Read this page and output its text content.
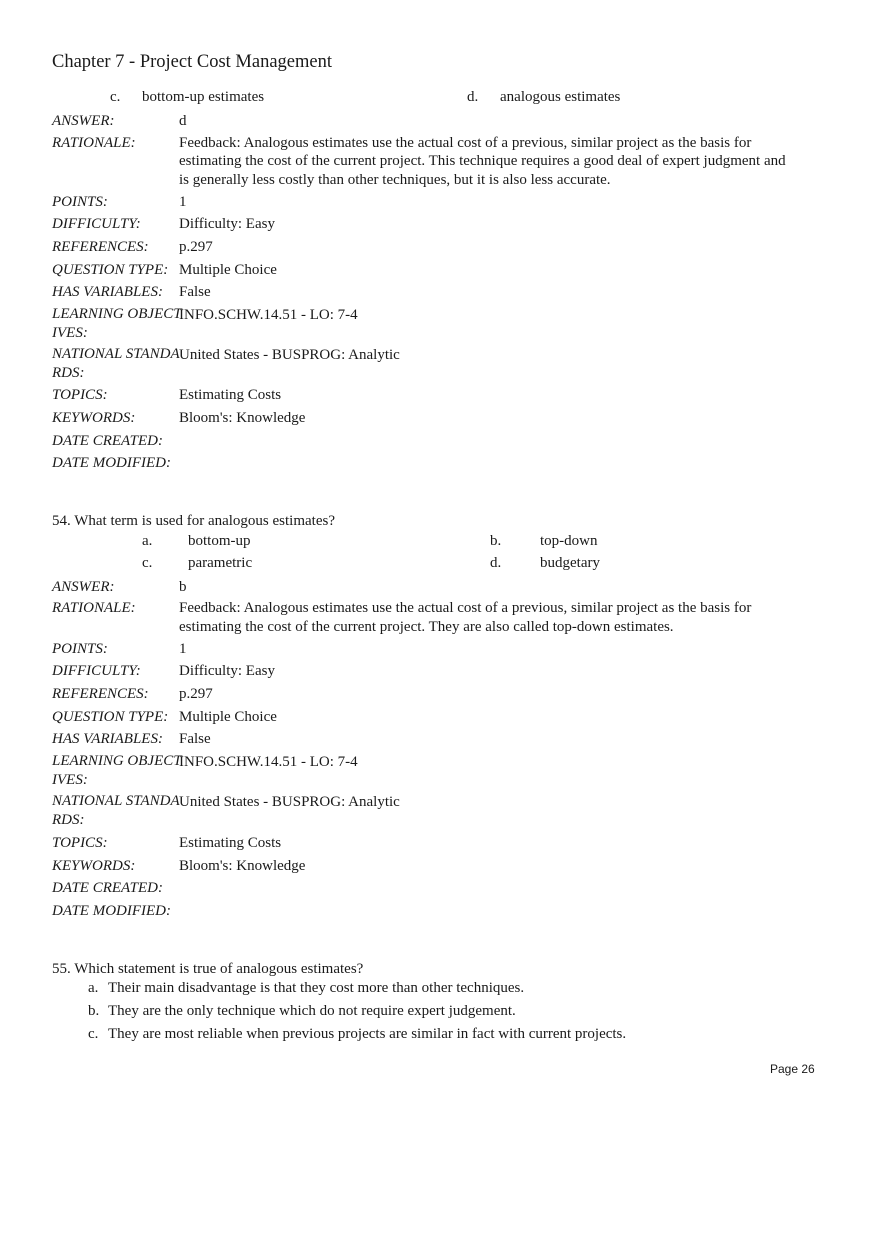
Chapter 7 - Project Cost Management
c. bottom-up estimates	d. analogous estimates
ANSWER:	d
RATIONALE:	Feedback: Analogous estimates use the actual cost of a previous, similar project as the basis for
estimating the cost of the current project. This technique requires a good deal of expert judgment and
is generally less costly than other techniques, but it is also less accurate.
POINTS:	1
DIFFICULTY:	Difficulty: Easy
REFERENCES: p.297
QUESTION TYPE: Multiple Choice
HAS VARIABLES: False
LEARNING OBJECTIVES:
INFO.SCHW.14.51 - LO: 7-4
NATIONAL STANDARDS:
United States - BUSPROG: Analytic
TOPICS:	Estimating Costs
KEYWORDS:	Bloom's: Knowledge
DATE CREATED:
DATE MODIFIED:
54. What term is used for analogous estimates?
a. bottom-up	b.	top-down
c. parametric	d.	budgetary
ANSWER:	b
RATIONALE:	Feedback: Analogous estimates use the actual cost of a previous, similar project as the basis for
estimating the cost of the current project. They are also called top-down estimates.
POINTS:	1
DIFFICULTY:	Difficulty: Easy
REFERENCES: p.297
QUESTION TYPE: Multiple Choice
HAS VARIABLES: False
LEARNING OBJECTIVES:
INFO.SCHW.14.51 - LO: 7-4
NATIONAL STANDARDS:
United States - BUSPROG: Analytic
TOPICS:	Estimating Costs
KEYWORDS:	Bloom's: Knowledge
DATE CREATED:
DATE MODIFIED:
55. Which statement is true of analogous estimates?
a. Their main disadvantage is that they cost more than other techniques.
b. They are the only technique which do not require expert judgement.
c. They are most reliable when previous projects are similar in fact with current projects.
Page 26
